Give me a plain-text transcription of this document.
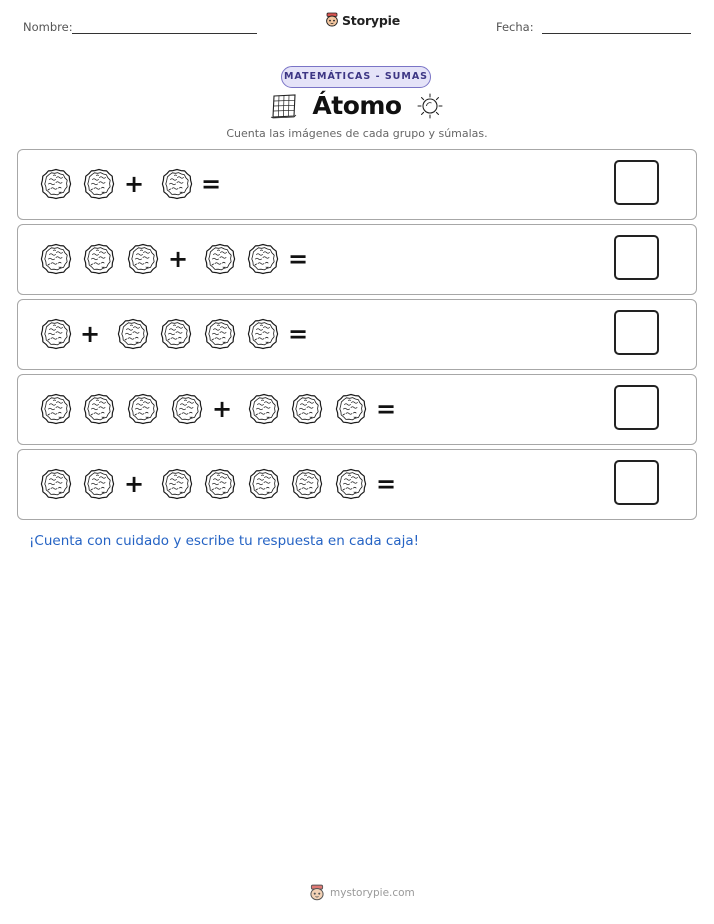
Nombre:	Storypie	Fecha:
MATEMÁTICAS - SUMAS
Átomo
Cuenta las imágenes de cada grupo y súmalas.
+ =
+	=
+	=
+	=
+	=
¡Cuenta con cuidado y escribe tu respuesta en cada caja!
mystorypie.com
